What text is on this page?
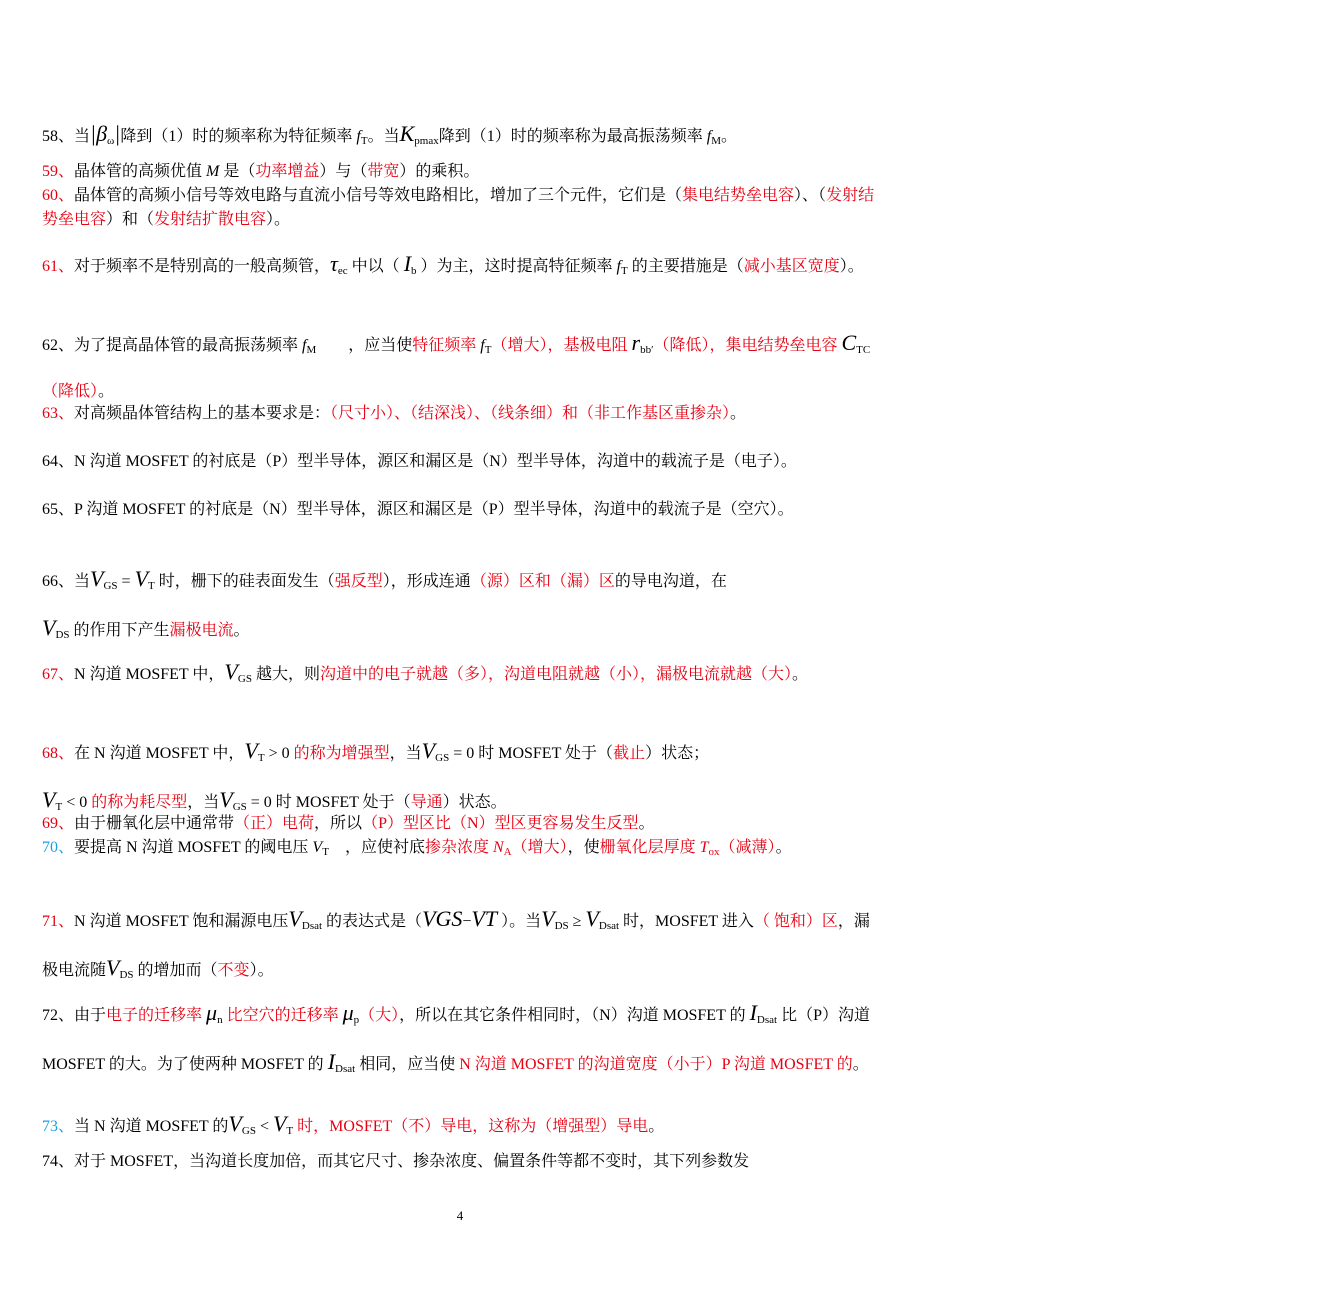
58、当$|\beta_\omega|$降到（1）时的频率称为特征频率 $f_T$。当$K_{pmax}$降到（1）时的频率称为最高振荡频率 $f_M$。
59、晶体管的高频优值 M 是（功率增益）与（带宽）的乘积。
60、晶体管的高频小信号等效电路与直流小信号等效电路相比，增加了三个元件，它们是（集电结势垒电容）、（发射结势垒电容）和（发射结扩散电容）。
61、对于频率不是特别高的一般高频管，$\tau_{ec}$ 中以（ $I_b$ ）为主，这时提高特征频率 $f_T$ 的主要措施是（减小基区宽度）。
62、为了提高晶体管的最高振荡频率 $f_M$　　，应当使特征频率 $f_T$（增大），基极电阻 $r_{bb'}$（降低），集电结势垒电容 $C_{TC}$（降低）。
63、对高频晶体管结构上的基本要求是：（尺寸小）、（结深浅）、（线条细）和（非工作基区重掺杂）。
64、N 沟道 MOSFET 的衬底是（P）型半导体，源区和漏区是（N）型半导体，沟道中的载流子是（电子）。
65、P 沟道 MOSFET 的衬底是（N）型半导体，源区和漏区是（P）型半导体，沟道中的载流子是（空穴）。
66、当$V_{GS} = V_T$ 时，栅下的硅表面发生（强反型），形成连通（源）区和（漏）区的导电沟道，在　　　　　　　　　　　　　　　　　　　　　　　　　　　　　　　　　　　　　　 $V_{DS}$ 的作用下产生漏极电流。
67、N 沟道 MOSFET 中，$V_{GS}$ 越大，则沟道中的电子就越（多），沟道电阻就越（小），漏极电流就越（大）。
68、在 N 沟道 MOSFET 中，$V_T > 0$ 的称为增强型，当$V_{GS} = 0$ 时 MOSFET 处于（截止）状态；　　　　　　　　　　　　　　　　　　　　　　　　　　　　　　　　　 $V_T < 0$ 的称为耗尽型，当$V_{GS} = 0$ 时 MOSFET 处于（导通）状态。
69、由于栅氧化层中通常带（正）电荷，所以（P）型区比（N）型区更容易发生反型。
70、要提高 N 沟道 MOSFET 的阈电压 $V_T$　，应使衬底掺杂浓度 $N_A$（增大），使栅氧化层厚度 $T_{ox}$（减薄）。
71、N 沟道 MOSFET 饱和漏源电压$V_{Dsat}$ 的表达式是（VGS−VT ）。当$V_{DS} \ge V_{Dsat}$ 时，MOSFET 进入（ 饱和）区，漏极电流随$V_{DS}$ 的增加而（不变）。
72、由于电子的迁移率 $\mu_n$ 比空穴的迁移率 $\mu_p$（大），所以在其它条件相同时，（N）沟道 MOSFET 的 $I_{Dsat}$ 比（P）沟道 MOSFET 的大。为了使两种 MOSFET 的 $I_{Dsat}$ 相同，应当使 N 沟道 MOSFET 的沟道宽度（小于）P 沟道 MOSFET 的。
73、当 N 沟道 MOSFET 的$V_{GS} < V_T$ 时，MOSFET（不）导电，这称为（增强型）导电。
74、对于 MOSFET，当沟道长度加倍，而其它尺寸、掺杂浓度、偏置条件等都不变时，其下列参数发
4
